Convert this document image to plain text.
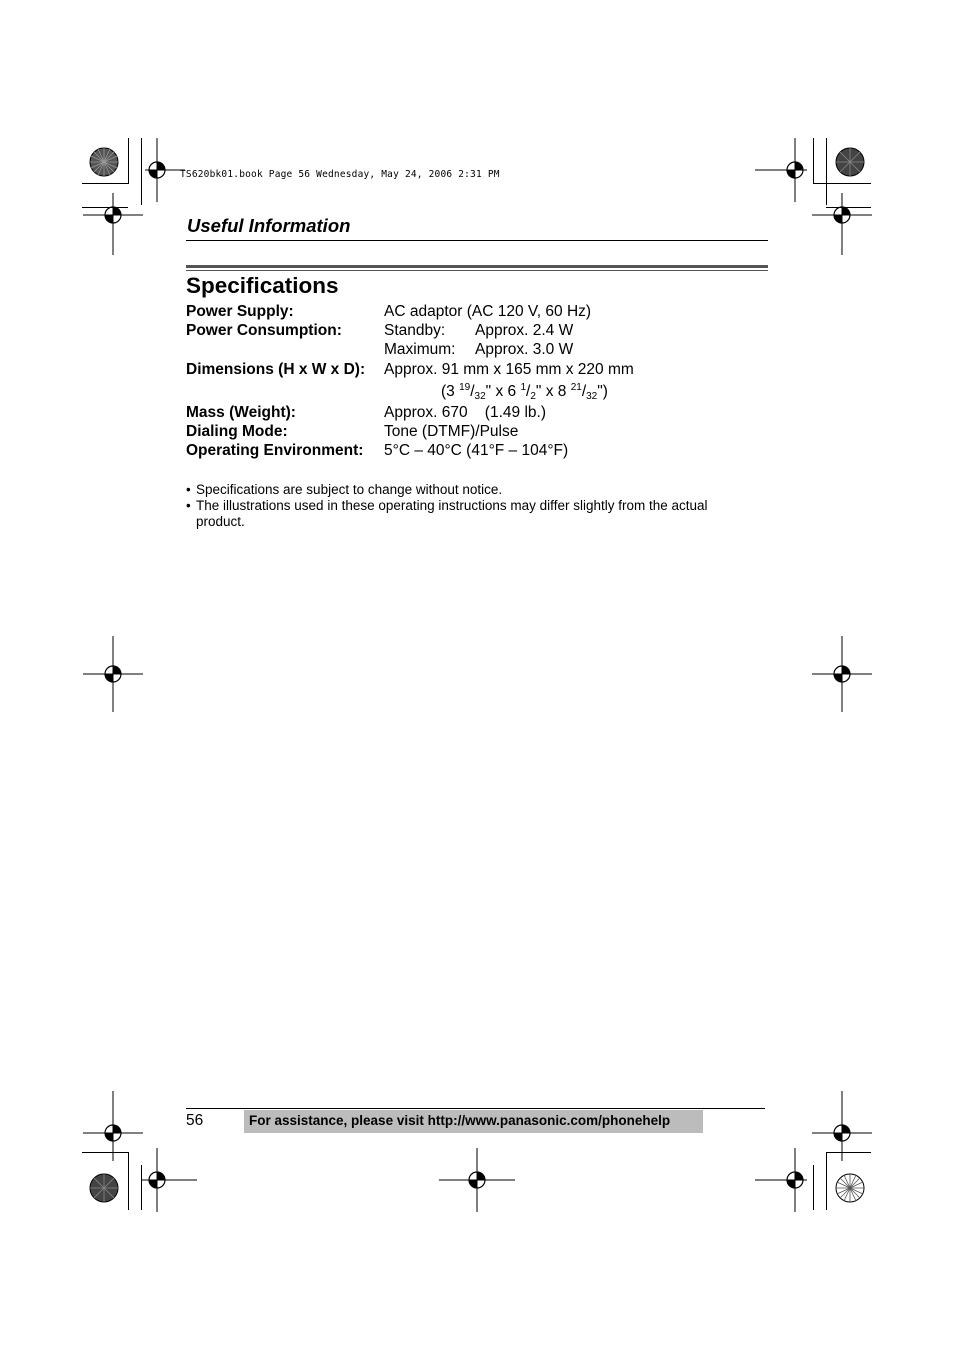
TS620bk01.book Page 56 Wednesday, May 24, 2006 2:31 PM
Useful Information
Specifications
Power Supply:	AC adaptor (AC 120 V, 60 Hz)
Power Consumption:	Standby: Approx. 2.4 W
Maximum: Approx. 3.0 W
Dimensions (H x W x D): Approx. 91 mm x 165 mm x 220 mm
(3 $^{19}/_{32}$" x 6 $^1/_2$" x 8 $^{21}/_{32}$")
Mass (Weight):	Approx. 670    (1.49 lb.)
Dialing Mode:	Tone (DTMF)/Pulse
Operating Environment: 5°C – 40°C (41°F – 104°F)
• Specifications are subject to change without notice.
• The illustrations used in these operating instructions may differ slightly from the actual
product.
56	For assistance, please visit http://www.panasonic.com/phonehelp
